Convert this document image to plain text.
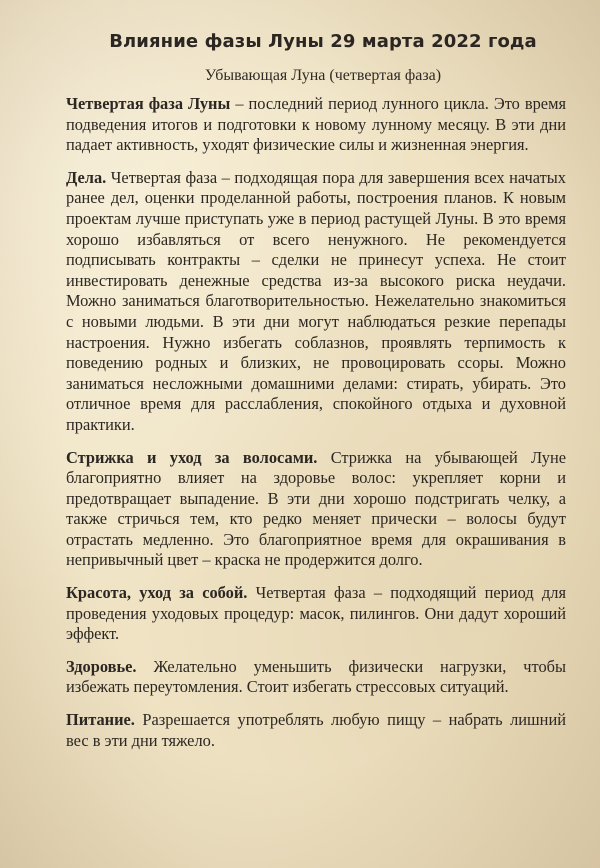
Влияние фазы Луны 29 марта 2022 года
Убывающая Луна (четвертая фаза)

Четвертая фаза Луны – последний период лунного цикла. Это время подведения итогов и подготовки к новому лунному месяцу. В эти дни падает активность, уходят физические силы и жизненная энергия.

Дела. Четвертая фаза – подходящая пора для завершения всех начатых ранее дел, оценки проделанной работы, построения планов. К новым проектам лучше приступать уже в период растущей Луны. В это время хорошо избавляться от всего ненужного. Не рекомендуется подписывать контракты – сделки не принесут успеха. Не стоит инвестировать денежные средства из-за высокого риска неудачи. Можно заниматься благотворительностью. Нежелательно знакомиться с новыми людьми. В эти дни могут наблюдаться резкие перепады настроения. Нужно избегать соблазнов, проявлять терпимость к поведению родных и близких, не провоцировать ссоры. Можно заниматься несложными домашними делами: стирать, убирать. Это отличное время для расслабления, спокойного отдыха и духовной практики.

Стрижка и уход за волосами. Стрижка на убывающей Луне благоприятно влияет на здоровье волос: укрепляет корни и предотвращает выпадение. В эти дни хорошо подстригать челку, а также стричься тем, кто редко меняет прически – волосы будут отрастать медленно. Это благоприятное время для окрашивания в непривычный цвет – краска не продержится долго.

Красота, уход за собой. Четвертая фаза – подходящий период для проведения уходовых процедур: масок, пилингов. Они дадут хороший эффект.

Здоровье. Желательно уменьшить физически нагрузки, чтобы избежать переутомления. Стоит избегать стрессовых ситуаций.

Питание. Разрешается употреблять любую пищу – набрать лишний вес в эти дни тяжело.
